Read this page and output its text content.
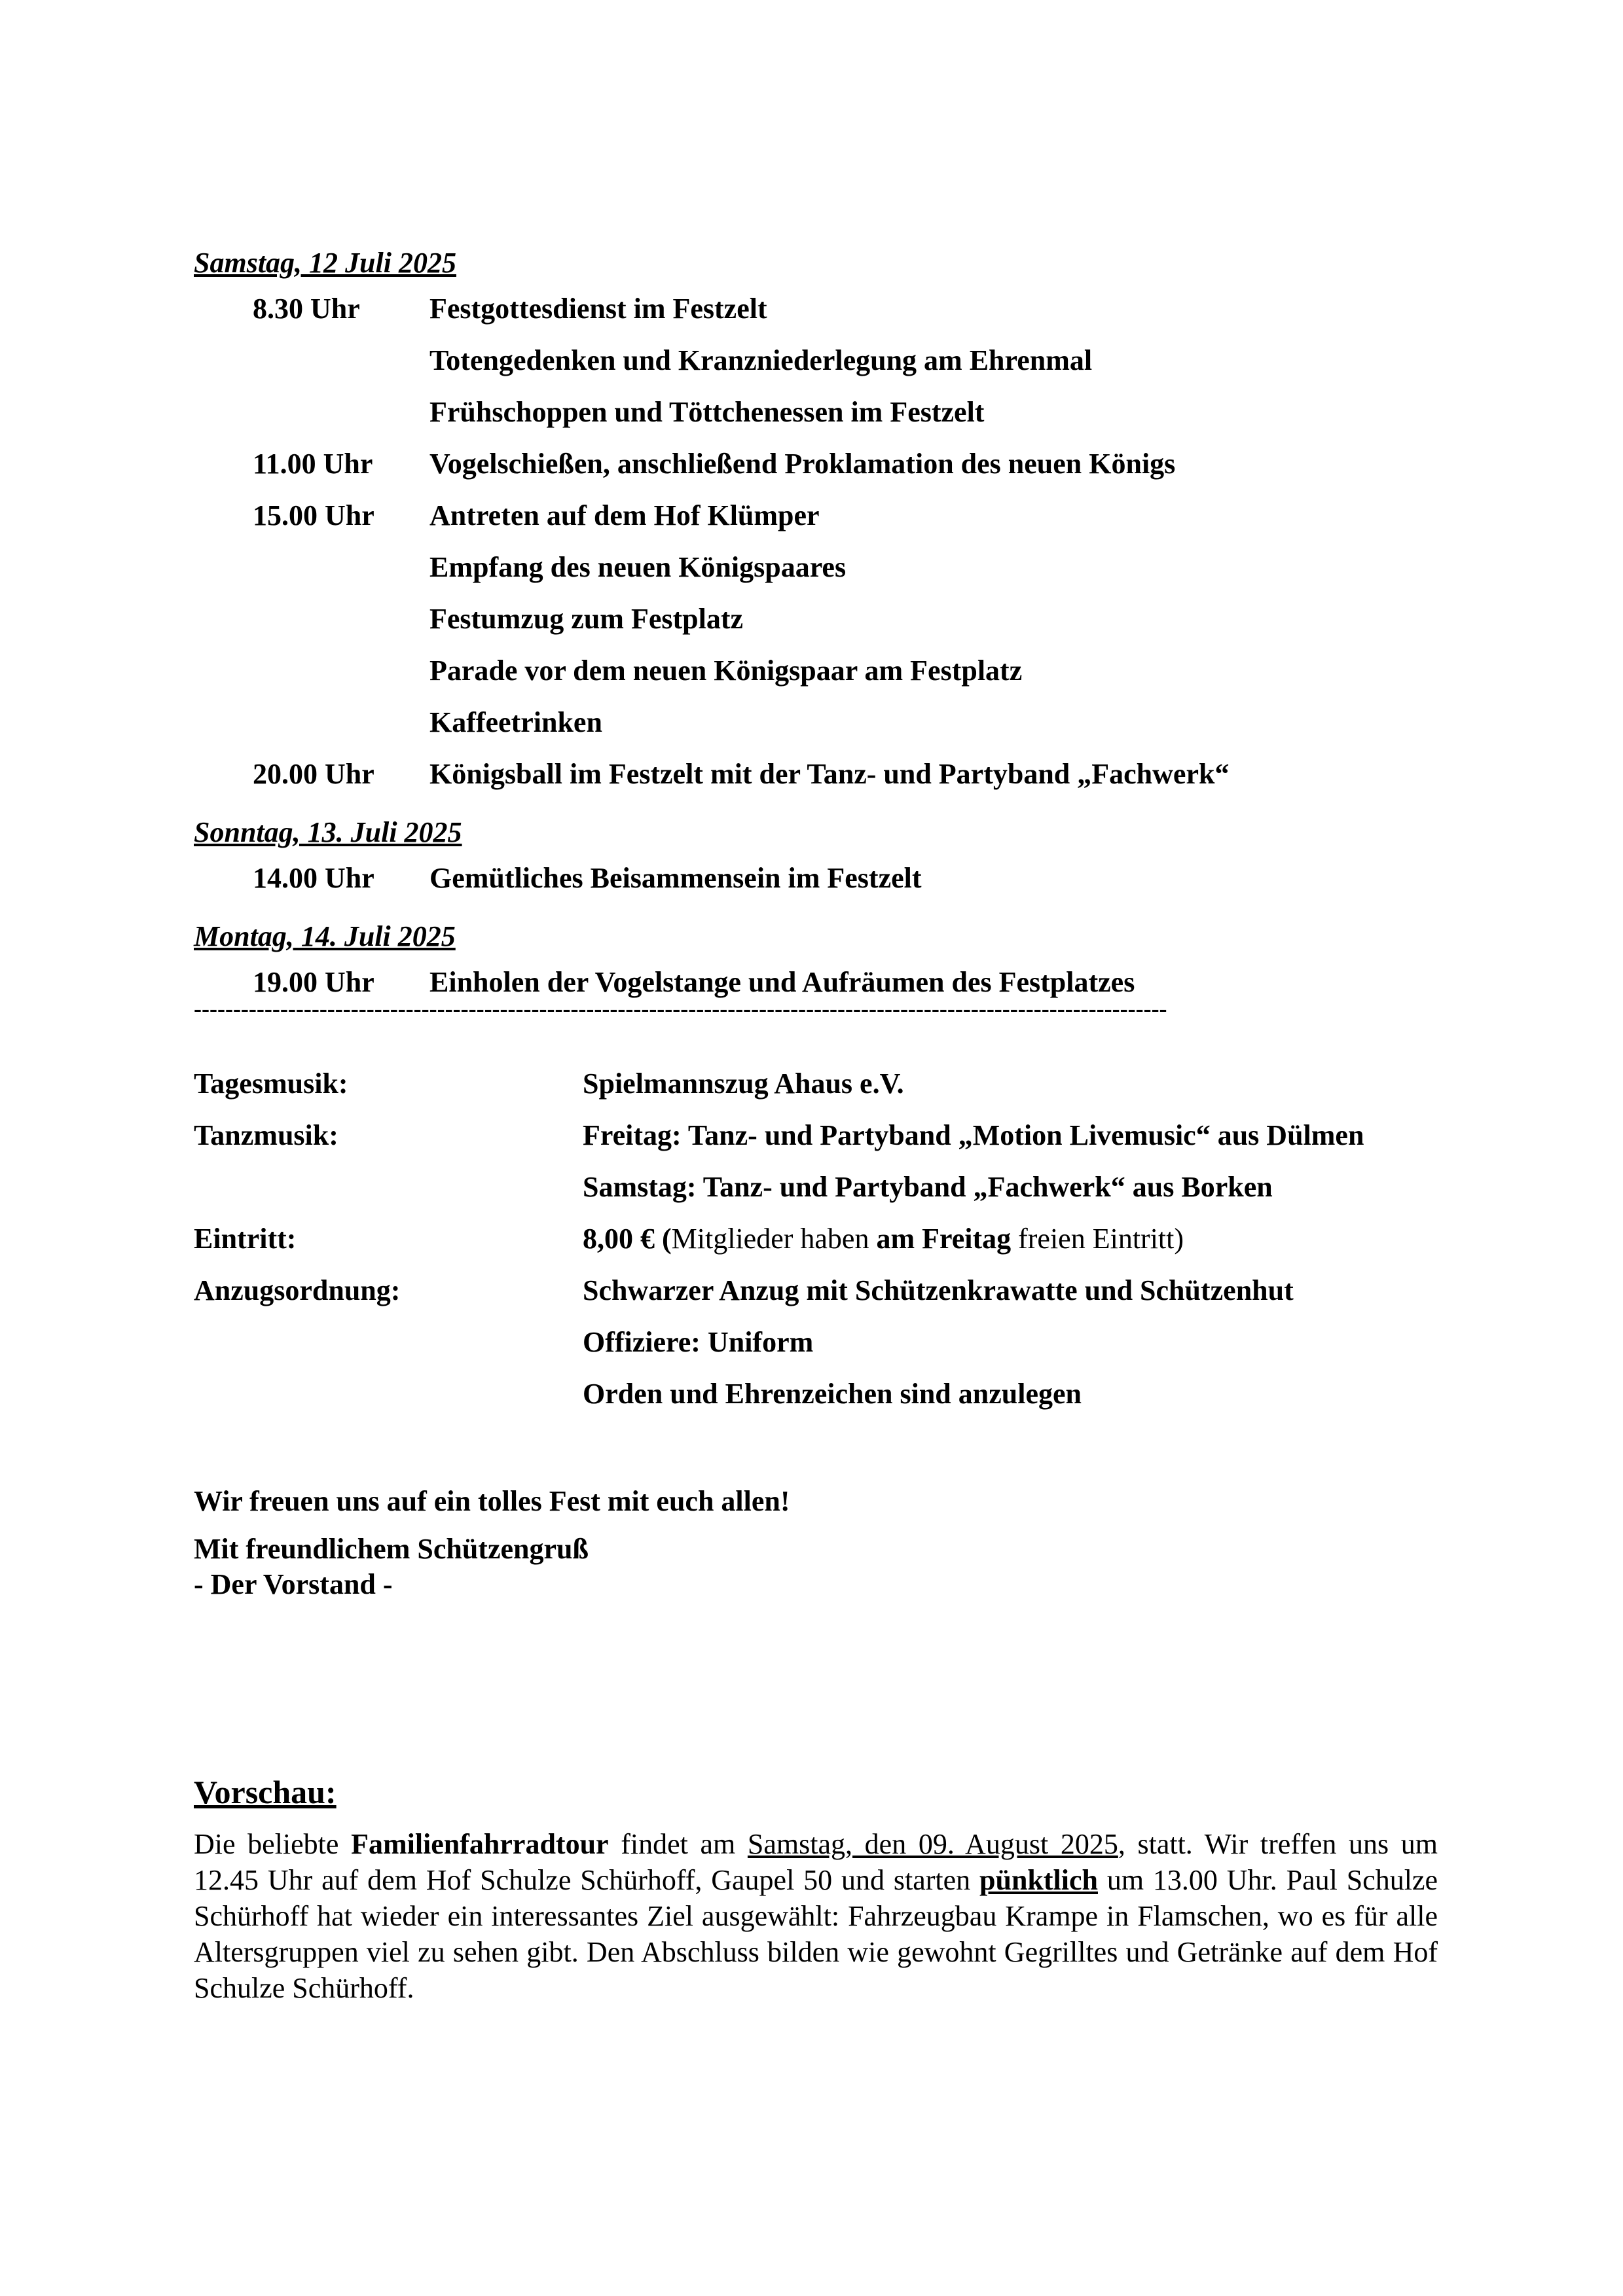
Samstag, 12 Juli 2025
8.30 Uhr	Festgottesdienst im Festzelt
Totengedenken und Kranzniederlegung am Ehrenmal
Frühschoppen und Töttchenessen im Festzelt
11.00 Uhr	Vogelschießen, anschließend Proklamation des neuen Königs
15.00 Uhr	Antreten auf dem Hof Klümper
Empfang des neuen Königspaares
Festumzug zum Festplatz
Parade vor dem neuen Königspaar am Festplatz
Kaffeetrinken
20.00 Uhr	Königsball im Festzelt mit der Tanz- und Partyband „Fachwerk“
Sonntag, 13. Juli 2025
14.00 Uhr	Gemütliches Beisammensein im Festzelt
Montag, 14. Juli 2025
19.00 Uhr	Einholen der Vogelstange und Aufräumen des Festplatzes
----------------------------------------------------------------------------------------------------------------------------
Tagesmusik:	Spielmannszug Ahaus e.V.
Tanzmusik:	Freitag: Tanz- und Partyband „Motion Livemusic“ aus Dülmen
Samstag: Tanz- und Partyband „Fachwerk“ aus Borken
Eintritt:	8,00 € (Mitglieder haben am Freitag freien Eintritt)
Anzugsordnung:	Schwarzer Anzug mit Schützenkrawatte und Schützenhut
Offiziere: Uniform
Orden und Ehrenzeichen sind anzulegen
Wir freuen uns auf ein tolles Fest mit euch allen!
Mit freundlichem Schützengruß
- Der Vorstand -
Vorschau:
Die beliebte Familienfahrradtour findet am Samstag, den 09. August 2025, statt. Wir treffen uns um 12.45 Uhr auf dem Hof Schulze Schürhoff, Gaupel 50 und starten pünktlich um 13.00 Uhr. Paul Schulze Schürhoff hat wieder ein interessantes Ziel ausgewählt: Fahrzeugbau Krampe in Flamschen, wo es für alle Altersgruppen viel zu sehen gibt. Den Abschluss bilden wie gewohnt Gegrilltes und Getränke auf dem Hof Schulze Schürhoff.
